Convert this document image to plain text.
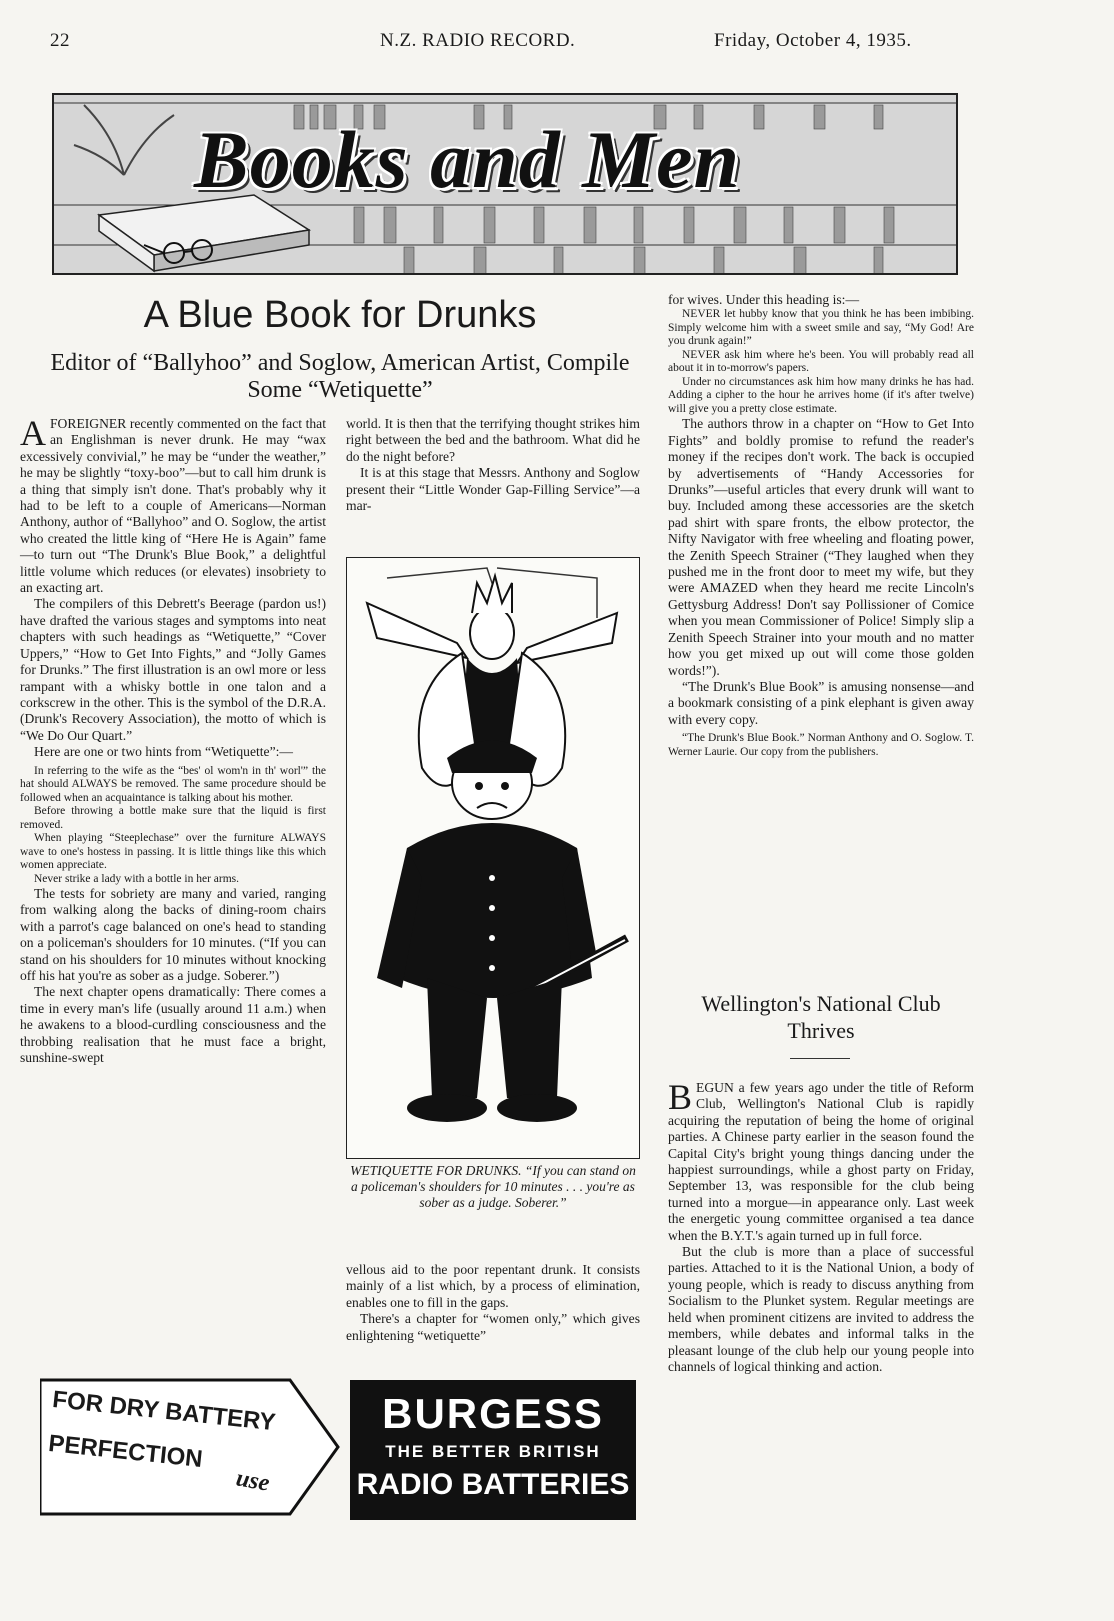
22	N.Z. RADIO RECORD.	Friday, October 4, 1935.
Books and Men
A Blue Book for Drunks
Editor of “Ballyhoo” and Soglow, American Artist, Compile Some “Wetiquette”
A FOREIGNER recently commented on the fact that an Englishman is never drunk. He may “wax excessively convivial,” he may be “under the weather,” he may be slightly “toxy-boo”—but to call him drunk is a thing that simply isn't done. That's probably why it had to be left to a couple of Americans—Norman Anthony, author of “Ballyhoo” and O. Soglow, the artist who created the little king of “Here He is Again” fame—to turn out “The Drunk's Blue Book,” a delightful little volume which reduces (or elevates) insobriety to an exacting art.

The compilers of this Debrett's Beerage (pardon us!) have drafted the various stages and symptoms into neat chapters with such headings as “Wetiquette,” “Cover Uppers,” “How to Get Into Fights,” and “Jolly Games for Drunks.” The first illustration is an owl more or less rampant with a whisky bottle in one talon and a corkscrew in the other. This is the symbol of the D.R.A. (Drunk's Recovery Association), the motto of which is “We Do Our Quart.”

Here are one or two hints from “Wetiquette”:—

In referring to the wife as the “bes' ol wom'n in th' worl'” the hat should ALWAYS be removed. The same procedure should be followed when an acquaintance is talking about his mother.

Before throwing a bottle make sure that the liquid is first removed.

When playing “Steeplechase” over the furniture ALWAYS wave to one's hostess in passing. It is little things like this which women appreciate.

Never strike a lady with a bottle in her arms.

The tests for sobriety are many and varied, ranging from walking along the backs of dining-room chairs with a parrot's cage balanced on one's head to standing on a policeman's shoulders for 10 minutes. (“If you can stand on his shoulders for 10 minutes without knocking off his hat you're as sober as a judge. Soberer.”)

The next chapter opens dramatically: There comes a time in every man's life (usually around 11 a.m.) when he awakens to a blood-curdling consciousness and the throbbing realisation that he must face a bright, sunshine-swept

world. It is then that the terrifying thought strikes him right between the bed and the bathroom. What did he do the night before?

It is at this stage that Messrs. Anthony and Soglow present their “Little Wonder Gap-Filling Service”—a mar-

WETIQUETTE FOR DRUNKS. “If you can stand on a policeman's shoulders for 10 minutes . . . you're as sober as a judge. Soberer.”

vellous aid to the poor repentant drunk. It consists mainly of a list which, by a process of elimination, enables one to fill in the gaps.

There's a chapter for “women only,” which gives enlightening “wetiquette”

for wives. Under this heading is:—

NEVER let hubby know that you think he has been imbibing. Simply welcome him with a sweet smile and say, “My God! Are you drunk again!”

NEVER ask him where he's been. You will probably read all about it in to-morrow's papers.

Under no circumstances ask him how many drinks he has had. Adding a cipher to the hour he arrives home (if it's after twelve) will give you a pretty close estimate.

The authors throw in a chapter on “How to Get Into Fights” and boldly promise to refund the reader's money if the recipes don't work. The back is occupied by advertisements of “Handy Accessories for Drunks”—useful articles that every drunk will want to buy. Included among these accessories are the sketch pad shirt with spare fronts, the elbow protector, the Nifty Navigator with free wheeling and floating power, the Zenith Speech Strainer (“They laughed when they pushed me in the front door to meet my wife, but they were AMAZED when they heard me recite Lincoln's Gettysburg Address! Don't say Pollissioner of Comice when you mean Commissioner of Police! Simply slip a Zenith Speech Strainer into your mouth and no matter how you get mixed up out will come those golden words!”).

“The Drunk's Blue Book” is amusing nonsense—and a bookmark consisting of a pink elephant is given away with every copy.

“The Drunk's Blue Book.” Norman Anthony and O. Soglow. T. Werner Laurie. Our copy from the publishers.

Wellington's National Club Thrives
B EGUN a few years ago under the title of Reform Club, Wellington's National Club is rapidly acquiring the reputation of being the home of original parties. A Chinese party earlier in the season found the Capital City's bright young things dancing under the happiest surroundings, while a ghost party on Friday, September 13, was responsible for the club being turned into a morgue—in appearance only. Last week the energetic young committee organised a tea dance when the B.Y.T.'s again turned up in full force.

But the club is more than a place of successful parties. Attached to it is the National Union, a body of young people, which is ready to discuss anything from Socialism to the Plunket system. Regular meetings are held when prominent citizens are invited to address the members, while debates and informal talks in the pleasant lounge of the club help our young people into channels of logical thinking and action.

FOR DRY BATTERY
PERFECTION
use
BURGESS
THE BETTER BRITISH
RADIO BATTERIES
